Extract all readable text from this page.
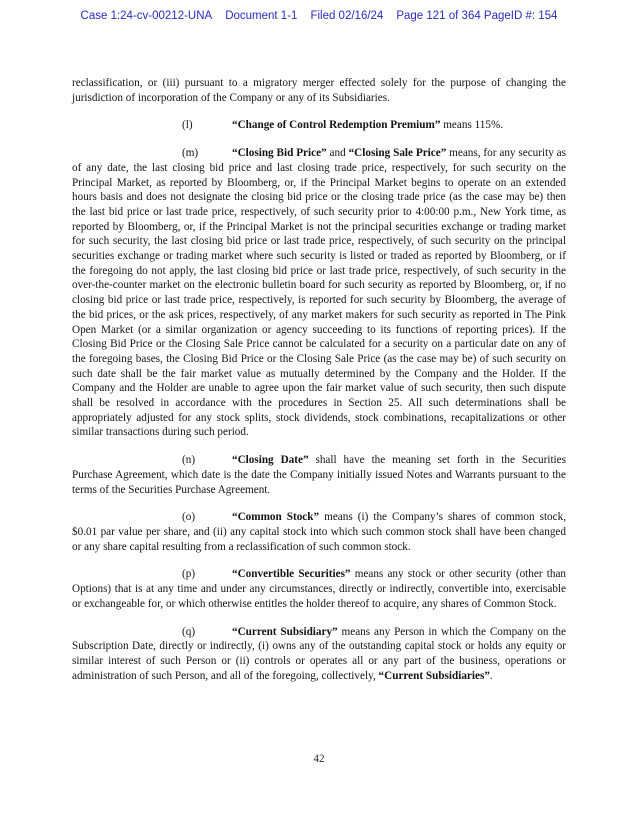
Case 1:24-cv-00212-UNA Document 1-1 Filed 02/16/24 Page 121 of 364 PageID #: 154

reclassification, or (iii) pursuant to a migratory merger effected solely for the purpose of changing the jurisdiction of incorporation of the Company or any of its Subsidiaries.

(l)	“Change of Control Redemption Premium” means 115%.

(m)	“Closing Bid Price” and “Closing Sale Price” means, for any security as of any date, the last closing bid price and last closing trade price, respectively, for such security on the Principal Market, as reported by Bloomberg, or, if the Principal Market begins to operate on an extended hours basis and does not designate the closing bid price or the closing trade price (as the case may be) then the last bid price or last trade price, respectively, of such security prior to 4:00:00 p.m., New York time, as reported by Bloomberg, or, if the Principal Market is not the principal securities exchange or trading market for such security, the last closing bid price or last trade price, respectively, of such security on the principal securities exchange or trading market where such security is listed or traded as reported by Bloomberg, or if the foregoing do not apply, the last closing bid price or last trade price, respectively, of such security in the over-the-counter market on the electronic bulletin board for such security as reported by Bloomberg, or, if no closing bid price or last trade price, respectively, is reported for such security by Bloomberg, the average of the bid prices, or the ask prices, respectively, of any market makers for such security as reported in The Pink Open Market (or a similar organization or agency succeeding to its functions of reporting prices). If the Closing Bid Price or the Closing Sale Price cannot be calculated for a security on a particular date on any of the foregoing bases, the Closing Bid Price or the Closing Sale Price (as the case may be) of such security on such date shall be the fair market value as mutually determined by the Company and the Holder. If the Company and the Holder are unable to agree upon the fair market value of such security, then such dispute shall be resolved in accordance with the procedures in Section 25. All such determinations shall be appropriately adjusted for any stock splits, stock dividends, stock combinations, recapitalizations or other similar transactions during such period.

(n)	“Closing Date” shall have the meaning set forth in the Securities Purchase Agreement, which date is the date the Company initially issued Notes and Warrants pursuant to the terms of the Securities Purchase Agreement.

(o)	“Common Stock” means (i) the Company’s shares of common stock, $0.01 par value per share, and (ii) any capital stock into which such common stock shall have been changed or any share capital resulting from a reclassification of such common stock.

(p)	“Convertible Securities” means any stock or other security (other than Options) that is at any time and under any circumstances, directly or indirectly, convertible into, exercisable or exchangeable for, or which otherwise entitles the holder thereof to acquire, any shares of Common Stock.

(q)	“Current Subsidiary” means any Person in which the Company on the Subscription Date, directly or indirectly, (i) owns any of the outstanding capital stock or holds any equity or similar interest of such Person or (ii) controls or operates all or any part of the business, operations or administration of such Person, and all of the foregoing, collectively, “Current Subsidiaries”.

42
